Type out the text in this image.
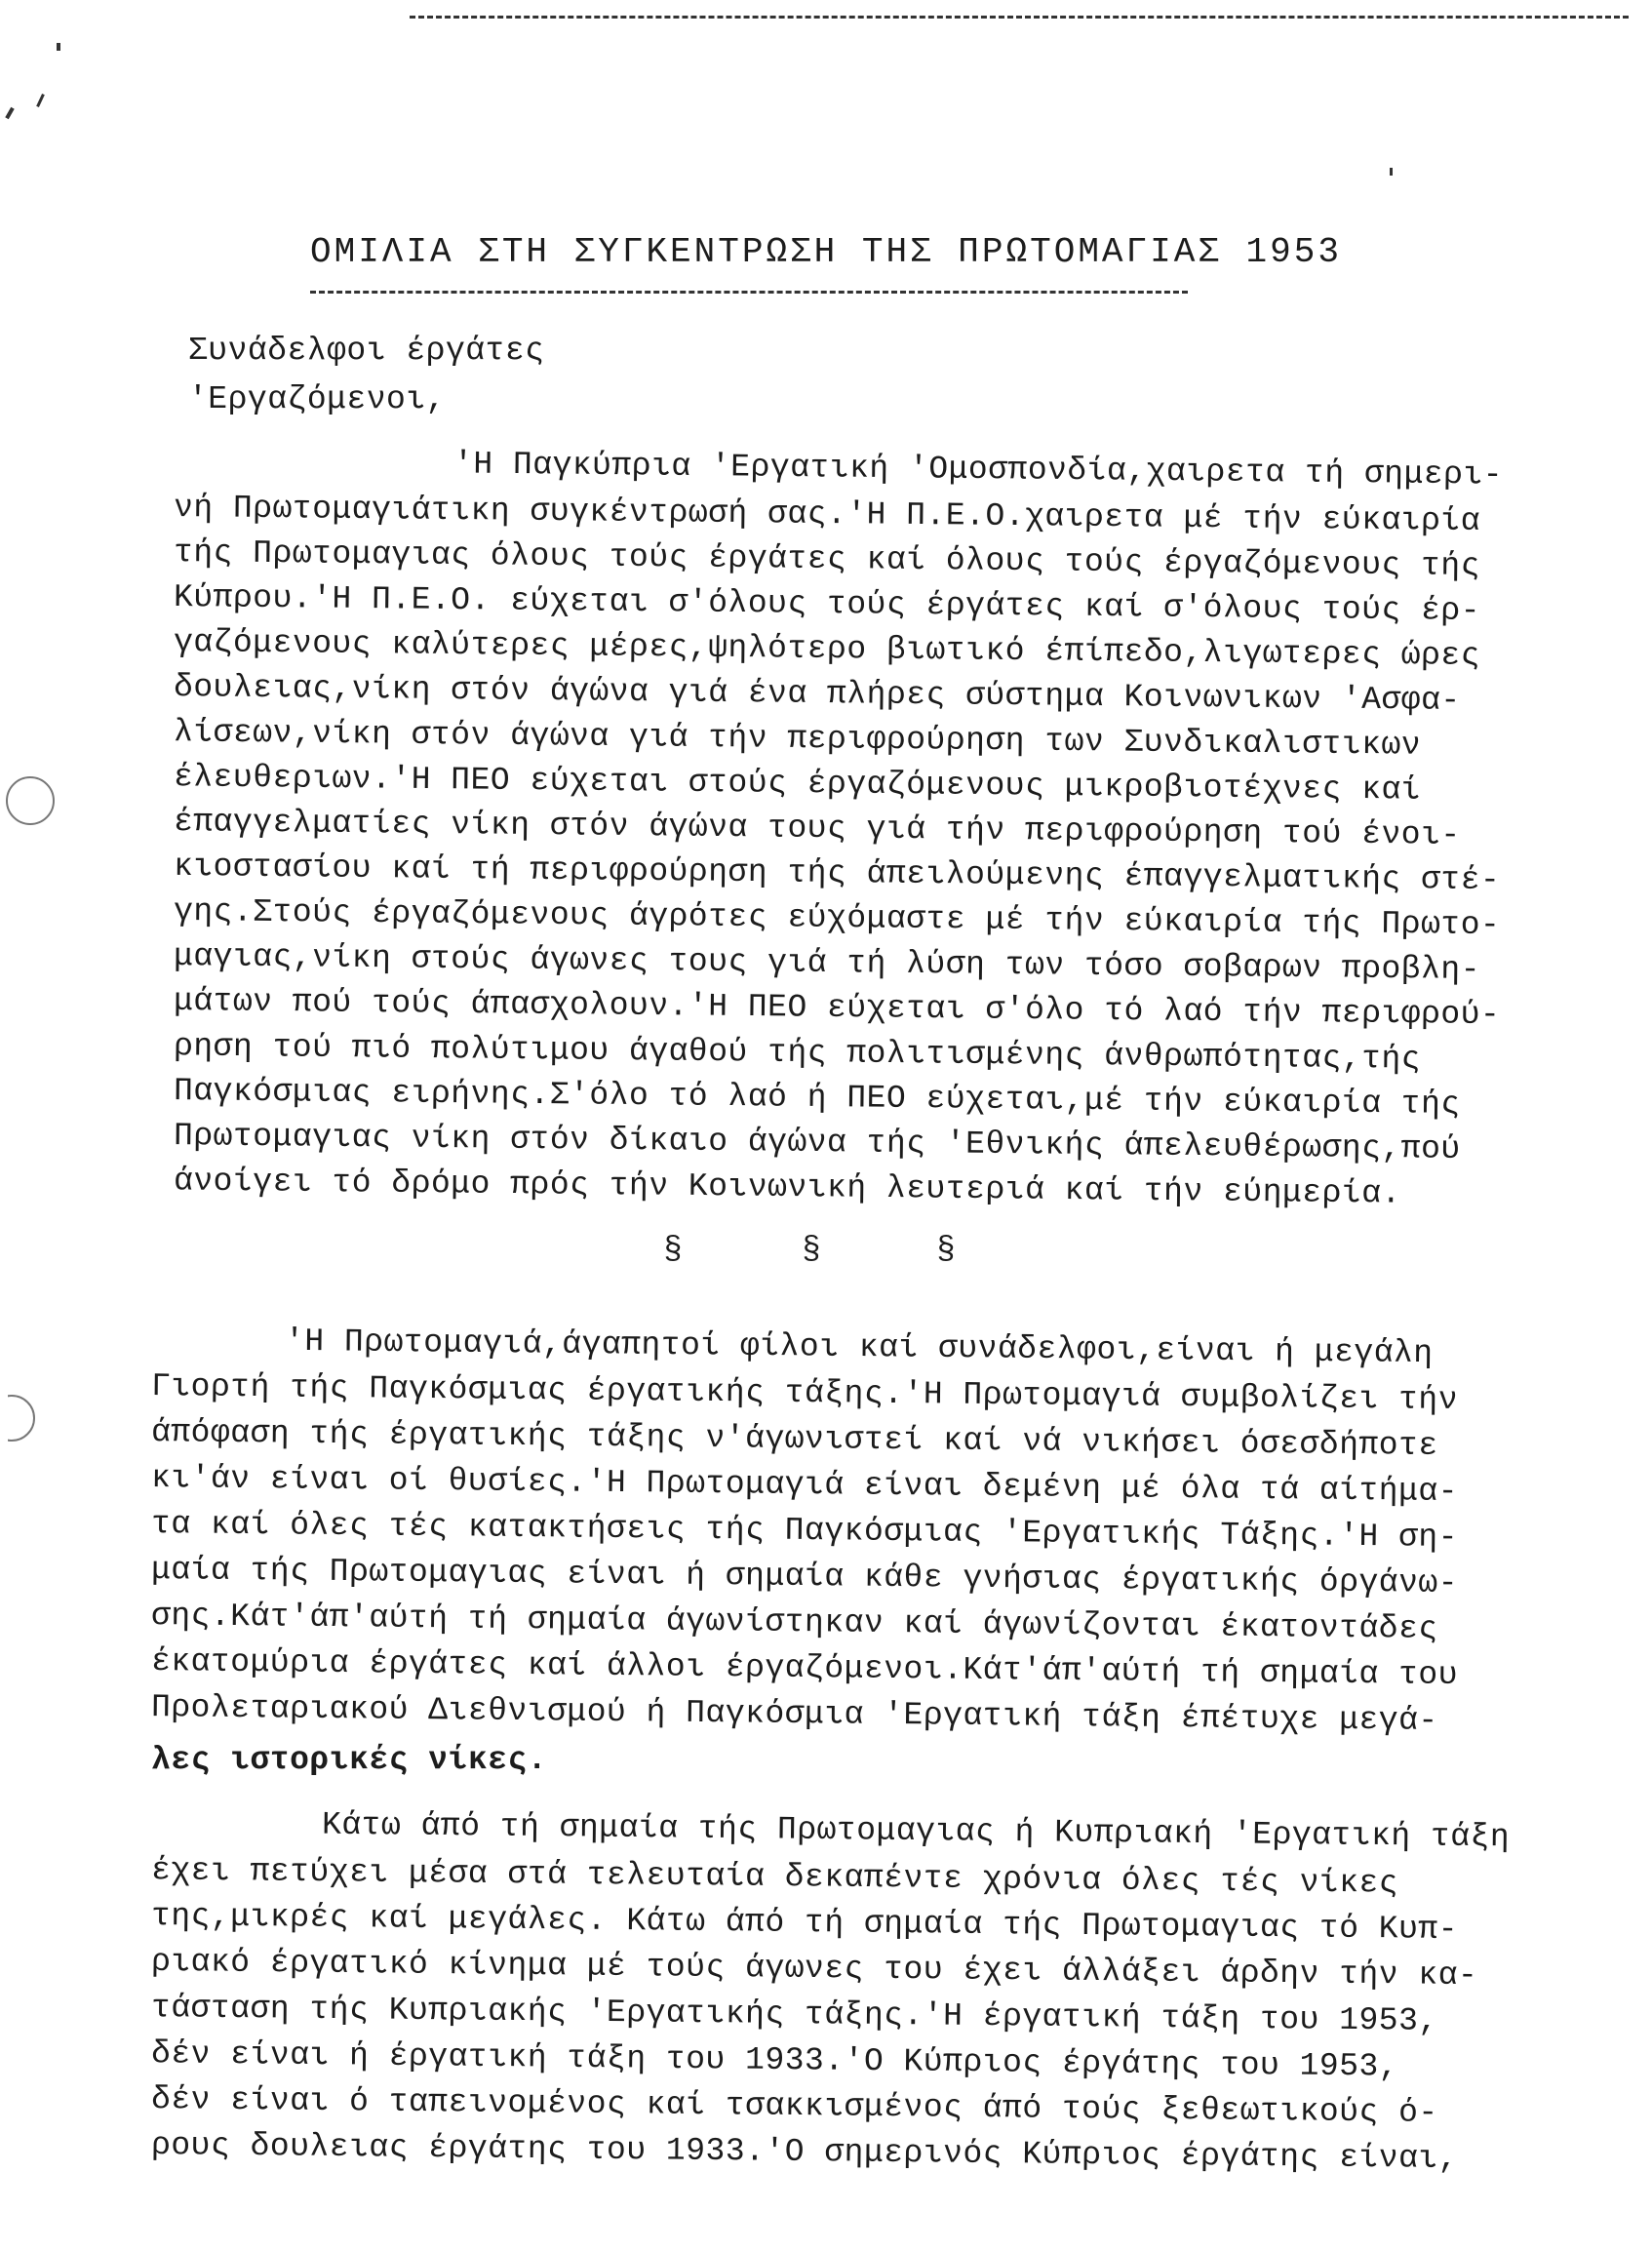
ΟΜΙΛΙΑ ΣΤΗ ΣΥΓΚΕΝΤΡΩΣΗ ΤΗΣ ΠΡΩΤΟΜΑΓΙΑΣ 1953
Συνάδελφοι έργάτες
'Εργαζόμενοι,
'Η Παγκύπρια 'Εργατική 'Ομοσπονδία,χαιρετα τή σημερι-
νή Πρωτομαγιάτικη συγκέντρωσή σας.'Η Π.Ε.Ο.χαιρετα μέ τήν εύκαιρία
τής Πρωτομαγιας όλους τούς έργάτες καί όλους τούς έργαζόμενους τής
Κύπρου.'Η Π.Ε.Ο. εύχεται σ'όλους τούς έργάτες καί σ'όλους τούς έρ-
γαζόμενους καλύτερες μέρες,ψηλότερο βιωτικό έπίπεδο,λιγωτερες ώρες
δουλειας,νίκη στόν άγώνα γιά ένα πλήρες σύστημα Κοινωνικων 'Ασφα-
λίσεων,νίκη στόν άγώνα γιά τήν περιφρούρηση των Συνδικαλιστικων
έλευθεριων.'Η ΠΕΟ εύχεται στούς έργαζόμενους μικροβιοτέχνες καί
έπαγγελματίες νίκη στόν άγώνα τους γιά τήν περιφρούρηση τού ένοι-
κιοστασίου καί τή περιφρούρηση τής άπειλούμενης έπαγγελματικής στέ-
γης.Στούς έργαζόμενους άγρότες εύχόμαστε μέ τήν εύκαιρία τής Πρωτο-
μαγιας,νίκη στούς άγωνες τους γιά τή λύση των τόσο σοβαρων προβλη-
μάτων πού τούς άπασχολουν.'Η ΠΕΟ εύχεται σ'όλο τό λαό τήν περιφρού-
ρηση τού πιό πολύτιμου άγαθού τής πολιτισμένης άνθρωπότητας,τής
Παγκόσμιας ειρήνης.Σ'όλο τό λαό ή ΠΕΟ εύχεται,μέ τήν εύκαιρία τής
Πρωτομαγιας νίκη στόν δίκαιο άγώνα τής 'Εθνικής άπελευθέρωσης,πού
άνοίγει τό δρόμο πρός τήν Κοινωνική λευτεριά καί τήν εύημερία.
§	§	§
'Η Πρωτομαγιά,άγαπητοί φίλοι καί συνάδελφοι,είναι ή μεγάλη
Γιορτή τής Παγκόσμιας έργατικής τάξης.'Η Πρωτομαγιά συμβολίζει τήν
άπόφαση τής έργατικής τάξης ν'άγωνιστεί καί νά νικήσει όσεσδήποτε
κι'άν είναι οί θυσίες.'Η Πρωτομαγιά είναι δεμένη μέ όλα τά αίτήμα-
τα καί όλες τές κατακτήσεις τής Παγκόσμιας 'Εργατικής Τάξης.'Η ση-
μαία τής Πρωτομαγιας είναι ή σημαία κάθε γνήσιας έργατικής όργάνω-
σης.Κάτ'άπ'αύτή τή σημαία άγωνίστηκαν καί άγωνίζονται έκατοντάδες
έκατομύρια έργάτες καί άλλοι έργαζόμενοι.Κάτ'άπ'αύτή τή σημαία του
Προλεταριακού Διεθνισμού ή Παγκόσμια 'Εργατική τάξη έπέτυχε μεγά-
λες ιστορικές νίκες.
Κάτω άπό τή σημαία τής Πρωτομαγιας ή Κυπριακή 'Εργατική τάξη
έχει πετύχει μέσα στά τελευταία δεκαπέντε χρόνια όλες τές νίκες
της,μικρές καί μεγάλες. Κάτω άπό τή σημαία τής Πρωτομαγιας τό Κυπ-
ριακό έργατικό κίνημα μέ τούς άγωνες του έχει άλλάξει άρδην τήν κα-
τάσταση τής Κυπριακής 'Εργατικής τάξης.'Η έργατική τάξη του 1953,
δέν είναι ή έργατική τάξη του 1933.'Ο Κύπριος έργάτης του 1953,
δέν είναι ό ταπεινομένος καί τσακκισμένος άπό τούς ξεθεωτικούς ό-
ρους δουλειας έργάτης του 1933.'Ο σημερινός Κύπριος έργάτης είναι,
